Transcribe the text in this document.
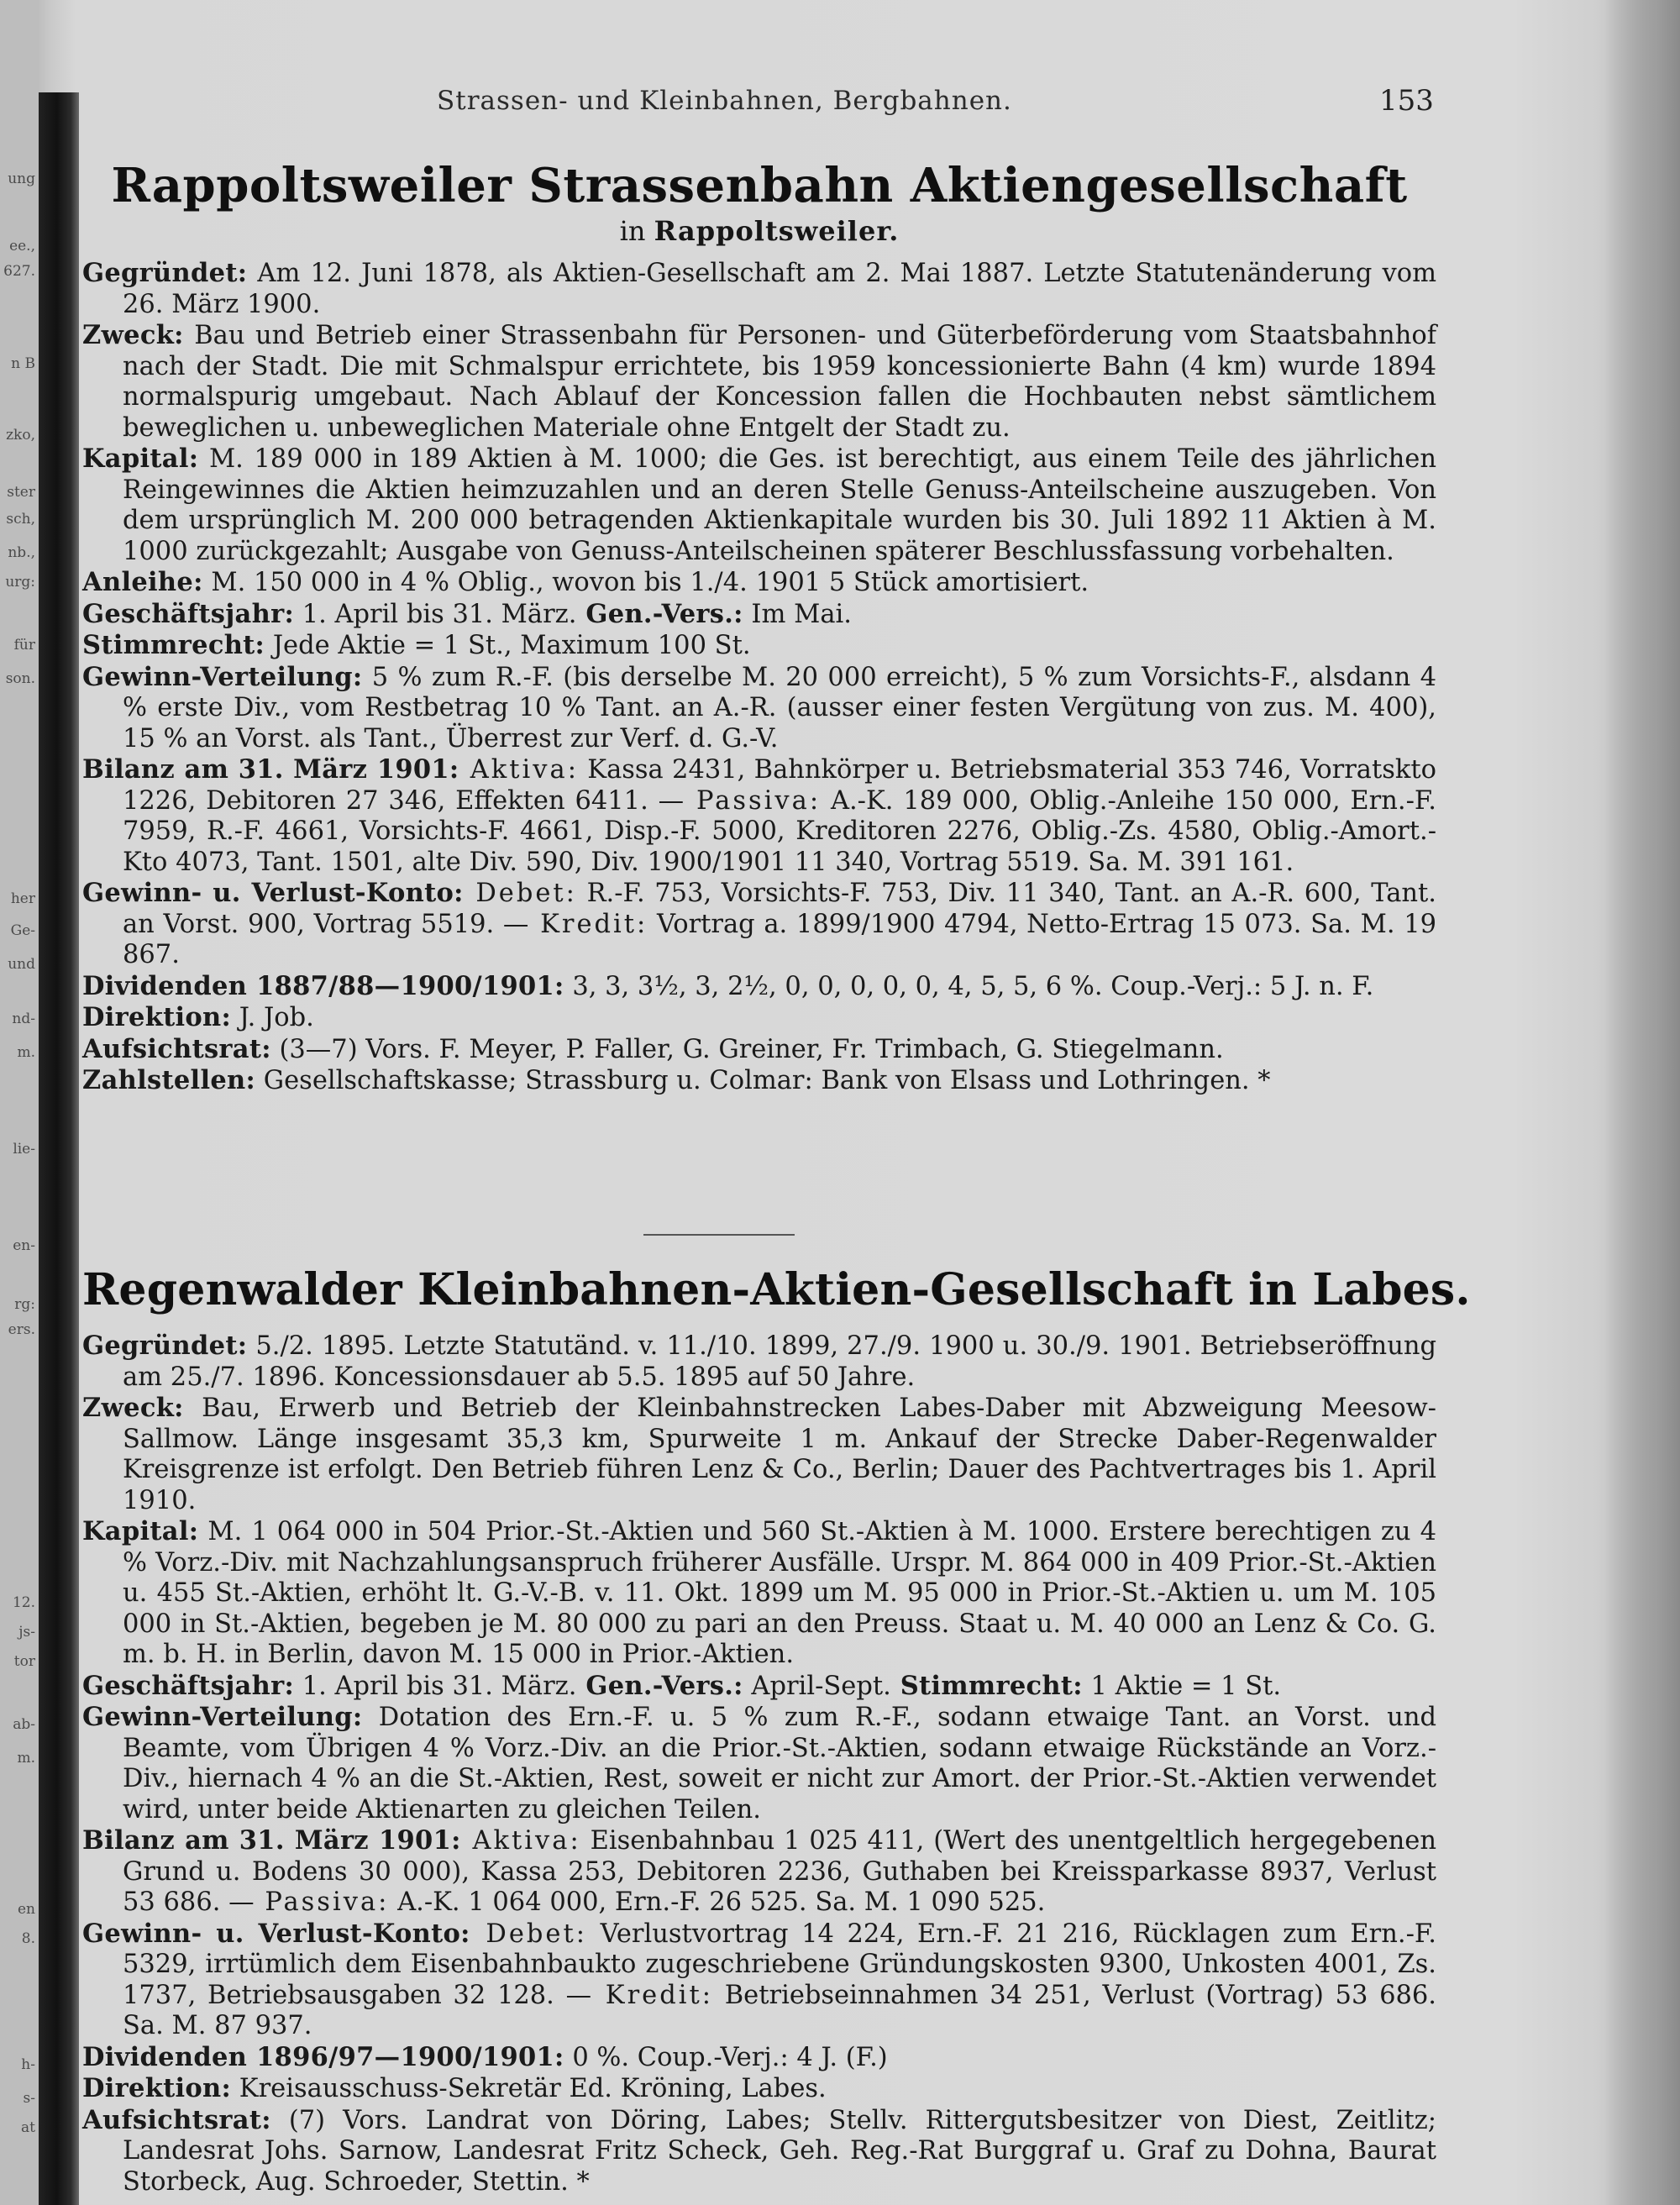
ung
ee.,
627.
n B
zko,
ster
sch,
nb.,
urg:
für
son.
her
Ge-
und
nd-
m.
lie-
en-
rg:
ers.
12.
js-
tor
ab-
m.
en
8.
h-
s-
at
Strassen- und Kleinbahnen, Bergbahnen.	153
Rappoltsweiler Strassenbahn Aktiengesellschaft
in Rappoltsweiler.

Gegründet: Am 12. Juni 1878, als Aktien-Gesellschaft am 2. Mai 1887. Letzte Statutenänderung vom 26. März 1900.

Zweck: Bau und Betrieb einer Strassenbahn für Personen- und Güterbeförderung vom Staatsbahnhof nach der Stadt. Die mit Schmalspur errichtete, bis 1959 koncessionierte Bahn (4 km) wurde 1894 normalspurig umgebaut. Nach Ablauf der Koncession fallen die Hochbauten nebst sämtlichem beweglichen u. unbeweglichen Materiale ohne Entgelt der Stadt zu.

Kapital: M. 189 000 in 189 Aktien à M. 1000; die Ges. ist berechtigt, aus einem Teile des jährlichen Reingewinnes die Aktien heimzuzahlen und an deren Stelle Genuss-Anteilscheine auszugeben. Von dem ursprünglich M. 200 000 betragenden Aktienkapitale wurden bis 30. Juli 1892 11 Aktien à M. 1000 zurückgezahlt; Ausgabe von Genuss-Anteilscheinen späterer Beschlussfassung vorbehalten.

Anleihe: M. 150 000 in 4 % Oblig., wovon bis 1./4. 1901 5 Stück amortisiert.

Geschäftsjahr: 1. April bis 31. März. Gen.-Vers.: Im Mai.

Stimmrecht: Jede Aktie = 1 St., Maximum 100 St.

Gewinn-Verteilung: 5 % zum R.-F. (bis derselbe M. 20 000 erreicht), 5 % zum Vorsichts-F., alsdann 4 % erste Div., vom Restbetrag 10 % Tant. an A.-R. (ausser einer festen Vergütung von zus. M. 400), 15 % an Vorst. als Tant., Überrest zur Verf. d. G.-V.

Bilanz am 31. März 1901: Aktiva: Kassa 2431, Bahnkörper u. Betriebsmaterial 353 746, Vorratskto 1226, Debitoren 27 346, Effekten 6411. — Passiva: A.-K. 189 000, Oblig.-Anleihe 150 000, Ern.-F. 7959, R.-F. 4661, Vorsichts-F. 4661, Disp.-F. 5000, Kreditoren 2276, Oblig.-Zs. 4580, Oblig.-Amort.-Kto 4073, Tant. 1501, alte Div. 590, Div. 1900/1901 11 340, Vortrag 5519. Sa. M. 391 161.

Gewinn- u. Verlust-Konto: Debet: R.-F. 753, Vorsichts-F. 753, Div. 11 340, Tant. an A.-R. 600, Tant. an Vorst. 900, Vortrag 5519. — Kredit: Vortrag a. 1899/1900 4794, Netto-Ertrag 15 073. Sa. M. 19 867.

Dividenden 1887/88—1900/1901: 3, 3, 3½, 3, 2½, 0, 0, 0, 0, 0, 4, 5, 5, 6 %. Coup.-Verj.: 5 J. n. F.

Direktion: J. Job.

Aufsichtsrat: (3—7) Vors. F. Meyer, P. Faller, G. Greiner, Fr. Trimbach, G. Stiegelmann.

Zahlstellen: Gesellschaftskasse; Strassburg u. Colmar: Bank von Elsass und Lothringen. *

Regenwalder Kleinbahnen-Aktien-Gesellschaft in Labes.

Gegründet: 5./2. 1895. Letzte Statutänd. v. 11./10. 1899, 27./9. 1900 u. 30./9. 1901. Betriebseröffnung am 25./7. 1896. Koncessionsdauer ab 5.5. 1895 auf 50 Jahre.

Zweck: Bau, Erwerb und Betrieb der Kleinbahnstrecken Labes-Daber mit Abzweigung Meesow-Sallmow. Länge insgesamt 35,3 km, Spurweite 1 m. Ankauf der Strecke Daber-Regenwalder Kreisgrenze ist erfolgt. Den Betrieb führen Lenz & Co., Berlin; Dauer des Pachtvertrages bis 1. April 1910.

Kapital: M. 1 064 000 in 504 Prior.-St.-Aktien und 560 St.-Aktien à M. 1000. Erstere berechtigen zu 4 % Vorz.-Div. mit Nachzahlungsanspruch früherer Ausfälle. Urspr. M. 864 000 in 409 Prior.-St.-Aktien u. 455 St.-Aktien, erhöht lt. G.-V.-B. v. 11. Okt. 1899 um M. 95 000 in Prior.-St.-Aktien u. um M. 105 000 in St.-Aktien, begeben je M. 80 000 zu pari an den Preuss. Staat u. M. 40 000 an Lenz & Co. G. m. b. H. in Berlin, davon M. 15 000 in Prior.-Aktien.

Geschäftsjahr: 1. April bis 31. März. Gen.-Vers.: April-Sept. Stimmrecht: 1 Aktie = 1 St.

Gewinn-Verteilung: Dotation des Ern.-F. u. 5 % zum R.-F., sodann etwaige Tant. an Vorst. und Beamte, vom Übrigen 4 % Vorz.-Div. an die Prior.-St.-Aktien, sodann etwaige Rückstände an Vorz.-Div., hiernach 4 % an die St.-Aktien, Rest, soweit er nicht zur Amort. der Prior.-St.-Aktien verwendet wird, unter beide Aktienarten zu gleichen Teilen.

Bilanz am 31. März 1901: Aktiva: Eisenbahnbau 1 025 411, (Wert des unentgeltlich hergegebenen Grund u. Bodens 30 000), Kassa 253, Debitoren 2236, Guthaben bei Kreissparkasse 8937, Verlust 53 686. — Passiva: A.-K. 1 064 000, Ern.-F. 26 525. Sa. M. 1 090 525.

Gewinn- u. Verlust-Konto: Debet: Verlustvortrag 14 224, Ern.-F. 21 216, Rücklagen zum Ern.-F. 5329, irrtümlich dem Eisenbahnbaukto zugeschriebene Gründungskosten 9300, Unkosten 4001, Zs. 1737, Betriebsausgaben 32 128. — Kredit: Betriebseinnahmen 34 251, Verlust (Vortrag) 53 686. Sa. M. 87 937.

Dividenden 1896/97—1900/1901: 0 %. Coup.-Verj.: 4 J. (F.)

Direktion: Kreisausschuss-Sekretär Ed. Kröning, Labes.

Aufsichtsrat: (7) Vors. Landrat von Döring, Labes; Stellv. Rittergutsbesitzer von Diest, Zeitlitz; Landesrat Johs. Sarnow, Landesrat Fritz Scheck, Geh. Reg.-Rat Burggraf u. Graf zu Dohna, Baurat Storbeck, Aug. Schroeder, Stettin. *
